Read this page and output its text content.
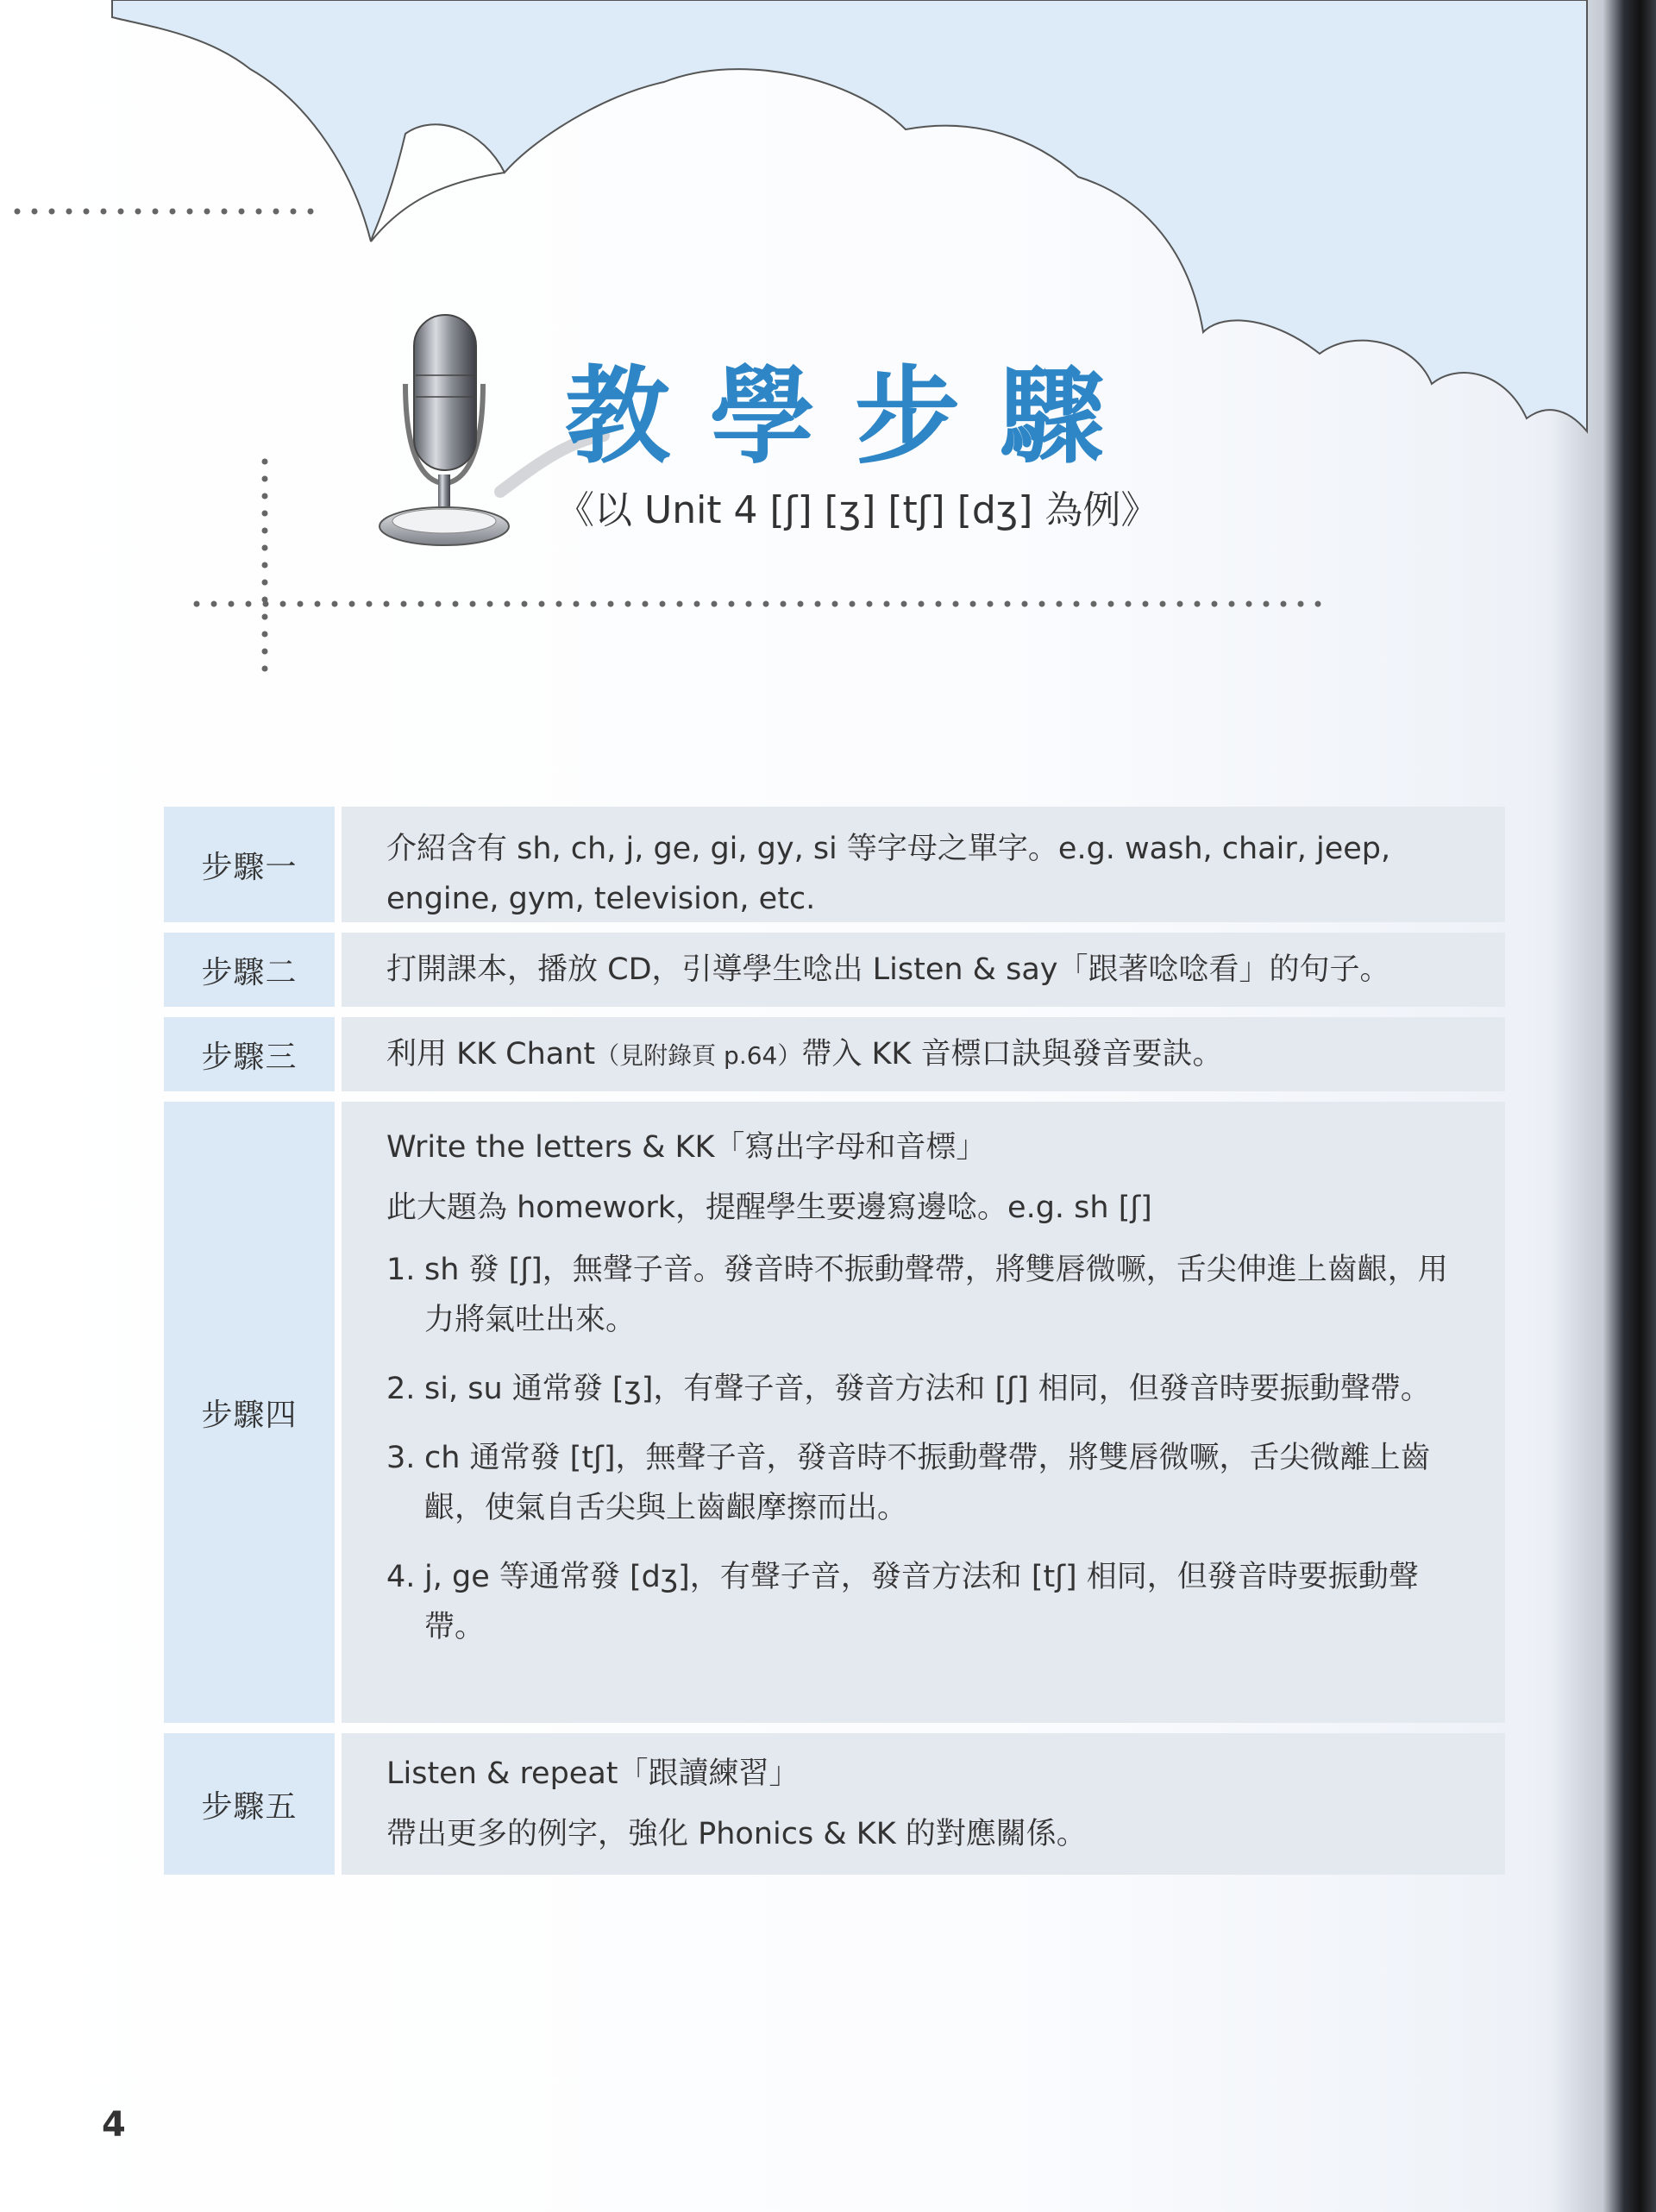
教學步驟
《以 Unit 4 [ʃ] [ʒ] [tʃ] [dʒ] 為例》
步驟一

介紹含有 sh, ch, j, ge, gi, gy, si 等字母之單字。e.g. wash, chair, jeep, engine, gym, television, etc.

步驟二	打開課本，播放 CD，引導學生唸出 Listen & say「跟著唸唸看」的句子。

步驟三	利用 KK Chant（見附錄頁 p.64）帶入 KK 音標口訣與發音要訣。

步驟四

Write the letters & KK「寫出字母和音標」

此大題為 homework，提醒學生要邊寫邊唸。e.g. sh [ʃ]

1. sh 發 [ʃ]，無聲子音。發音時不振動聲帶，將雙唇微噘，舌尖伸進上齒齦，用力將氣吐出來。
2. si, su 通常發 [ʒ]，有聲子音，發音方法和 [ʃ] 相同，但發音時要振動聲帶。
3. ch 通常發 [tʃ]，無聲子音，發音時不振動聲帶，將雙唇微噘，舌尖微離上齒齦，使氣自舌尖與上齒齦摩擦而出。
4. j, ge 等通常發 [dʒ]，有聲子音，發音方法和 [tʃ] 相同，但發音時要振動聲帶。
步驟五

Listen & repeat「跟讀練習」

帶出更多的例字，強化 Phonics & KK 的對應關係。

4
